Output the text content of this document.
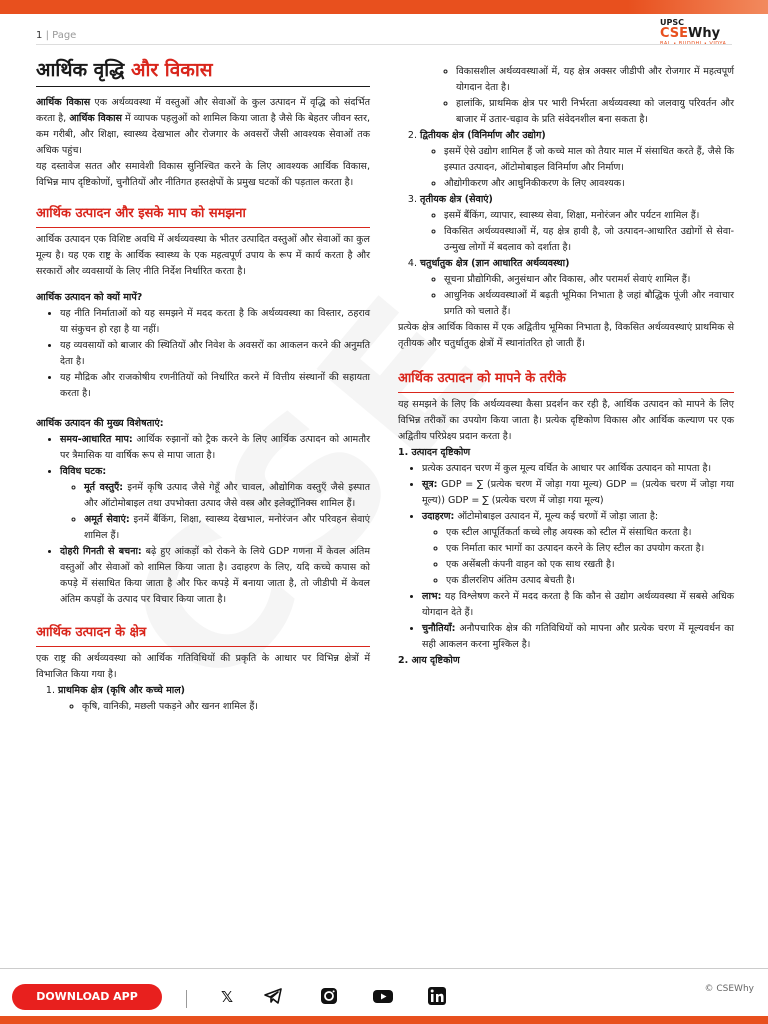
1 | Page
UPSC
CSEWhy
आर्थिक वृद्धि और विकास

आर्थिक विकास एक अर्थव्यवस्था में वस्तुओं और सेवाओं के कुल उत्पादन में वृद्धि को संदर्भित करता है, आर्थिक विकास में व्यापक पहलुओं को शामिल किया जाता है जैसे कि बेहतर जीवन स्तर, कम गरीबी, और शिक्षा, स्वास्थ्य देखभाल और रोजगार के अवसरों जैसी आवश्यक सेवाओं तक अधिक पहुंच।

यह दस्तावेज सतत और समावेशी विकास सुनिश्चित करने के लिए आवश्यक आर्थिक विकास, विभिन्न माप दृष्टिकोणों, चुनौतियों और नीतिगत हस्तक्षेपों के प्रमुख घटकों की पड़ताल करता है।

आर्थिक उत्पादन और इसके माप को समझना

आर्थिक उत्पादन एक विशिष्ट अवधि में अर्थव्यवस्था के भीतर उत्पादित वस्तुओं और सेवाओं का कुल मूल्य है। यह एक राष्ट्र के आर्थिक स्वास्थ्य के एक महत्वपूर्ण उपाय के रूप में कार्य करता है और सरकारों और व्यवसायों के लिए नीति निर्देश निर्धारित करता है।

आर्थिक उत्पादन को क्यों मापें?
• यह नीति निर्माताओं को यह समझने में मदद करता है कि अर्थव्यवस्था का विस्तार, ठहराव या संकुचन हो रहा है या नहीं।
• यह व्यवसायों को बाजार की स्थितियों और निवेश के अवसरों का आकलन करने की अनुमति देता है।
• यह मौद्रिक और राजकोषीय रणनीतियों को निर्धारित करने में वित्तीय संस्थानों की सहायता करता है।
आर्थिक उत्पादन की मुख्य विशेषताएं:
• समय-आधारित माप: आर्थिक रुझानों को ट्रैक करने के लिए आर्थिक उत्पादन को आमतौर पर त्रैमासिक या वार्षिक रूप से मापा जाता है।
• विविध घटक:
◦ मूर्त वस्तुएँ: इनमें कृषि उत्पाद जैसे गेहूँ और चावल, औद्योगिक वस्तुएँ जैसे इस्पात और ऑटोमोबाइल तथा उपभोक्ता उत्पाद जैसे वस्त्र और इलेक्ट्रॉनिक्स शामिल हैं।
◦ अमूर्त सेवाएं: इनमें बैंकिंग, शिक्षा, स्वास्थ्य देखभाल, मनोरंजन और परिवहन सेवाएं शामिल हैं।
• दोहरी गिनती से बचना: बढ़े हुए आंकड़ों को रोकने के लिये GDP गणना में केवल अंतिम वस्तुओं और सेवाओं को शामिल किया जाता है। उदाहरण के लिए, यदि कच्चे कपास को कपड़े में संसाधित किया जाता है और फिर कपड़े में बनाया जाता है, तो जीडीपी में केवल अंतिम कपड़ों के उत्पाद पर विचार किया जाता है।
आर्थिक उत्पादन के क्षेत्र

एक राष्ट्र की अर्थव्यवस्था को आर्थिक गतिविधियों की प्रकृति के आधार पर विभिन्न क्षेत्रों में विभाजित किया गया है।

1. प्राथमिक क्षेत्र (कृषि और कच्चे माल)
◦ कृषि, वानिकी, मछली पकड़ने और खनन शामिल हैं।
◦ विकासशील अर्थव्यवस्थाओं में, यह क्षेत्र अक्सर जीडीपी और रोजगार में महत्वपूर्ण योगदान देता है।
◦ हालांकि, प्राथमिक क्षेत्र पर भारी निर्भरता अर्थव्यवस्था को जलवायु परिवर्तन और बाजार में उतार-चढ़ाव के प्रति संवेदनशील बना सकता है।
2. द्वितीयक क्षेत्र (विनिर्माण और उद्योग)
◦ इसमें ऐसे उद्योग शामिल हैं जो कच्चे माल को तैयार माल में संसाधित करते हैं, जैसे कि इस्पात उत्पादन, ऑटोमोबाइल विनिर्माण और निर्माण।
◦ औद्योगीकरण और आधुनिकीकरण के लिए आवश्यक।
3. तृतीयक क्षेत्र (सेवाएं)
◦ इसमें बैंकिंग, व्यापार, स्वास्थ्य सेवा, शिक्षा, मनोरंजन और पर्यटन शामिल हैं।
◦ विकसित अर्थव्यवस्थाओं में, यह क्षेत्र हावी है, जो उत्पादन-आधारित उद्योगों से सेवा-उन्मुख लोगों में बदलाव को दर्शाता है।
4. चतुर्धातुक क्षेत्र (ज्ञान आधारित अर्थव्यवस्था)
◦ सूचना प्रौद्योगिकी, अनुसंधान और विकास, और परामर्श सेवाएं शामिल हैं।
◦ आधुनिक अर्थव्यवस्थाओं में बढ़ती भूमिका निभाता है जहां बौद्धिक पूंजी और नवाचार प्रगति को चलाते हैं।

प्रत्येक क्षेत्र आर्थिक विकास में एक अद्वितीय भूमिका निभाता है, विकसित अर्थव्यवस्थाएं प्राथमिक से तृतीयक और चतुर्धातुक क्षेत्रों में स्थानांतरित हो जाती हैं।

आर्थिक उत्पादन को मापने के तरीके

यह समझने के लिए कि अर्थव्यवस्था कैसा प्रदर्शन कर रही है, आर्थिक उत्पादन को मापने के लिए विभिन्न तरीकों का उपयोग किया जाता है। प्रत्येक दृष्टिकोण विकास और आर्थिक कल्याण पर एक अद्वितीय परिप्रेक्ष्य प्रदान करता है।

1. उत्पादन दृष्टिकोण
• प्रत्येक उत्पादन चरण में कुल मूल्य वर्धित के आधार पर आर्थिक उत्पादन को मापता है।
• सूत्र: GDP = ∑ (प्रत्येक चरण में जोड़ा गया मूल्य) GDP = (प्रत्येक चरण में जोड़ा गया मूल्य)) GDP = ∑ (प्रत्येक चरण में जोड़ा गया मूल्य)
• उदाहरण: ऑटोमोबाइल उत्पादन में, मूल्य कई चरणों में जोड़ा जाता है:
◦ एक स्टील आपूर्तिकर्ता कच्चे लौह अयस्क को स्टील में संसाधित करता है।
◦ एक निर्माता कार भागों का उत्पादन करने के लिए स्टील का उपयोग करता है।
◦ एक असेंबली कंपनी वाहन को एक साथ रखती है।
◦ एक डीलरशिप अंतिम उत्पाद बेचती है।
• लाभ: यह विश्लेषण करने में मदद करता है कि कौन से उद्योग अर्थव्यवस्था में सबसे अधिक योगदान देते हैं।
• चुनौतियाँ: अनौपचारिक क्षेत्र की गतिविधियों को मापना और प्रत्येक चरण में मूल्यवर्धन का सही आकलन करना मुश्किल है।
2. आय दृष्टिकोण
DOWNLOAD APP	𝕏	© CSEWhy
